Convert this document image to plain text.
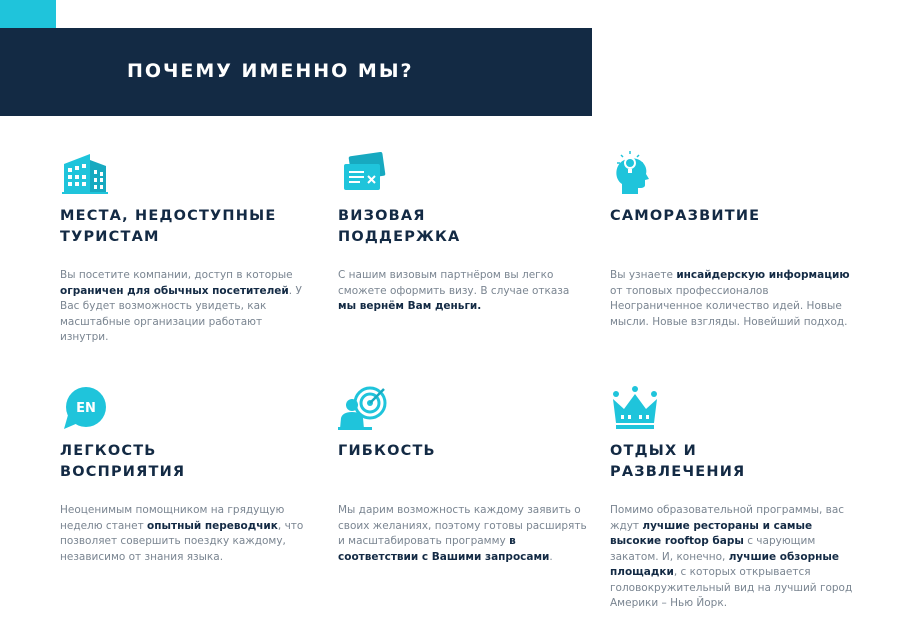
ПОЧЕМУ ИМЕННО МЫ?
МЕСТА, НЕДОСТУПНЫЕ
ТУРИСТАМ
Вы посетите компании, доступ в которые ограничен для обычных посетителей. У Вас будет возможность увидеть, как масштабные организации работают изнутри.
ВИЗОВАЯ
ПОДДЕРЖКА
С нашим визовым партнёром вы легко сможете оформить визу. В случае отказа мы вернём Вам деньги.
САМОРАЗВИТИЕ
Вы узнаете инсайдерскую информацию от топовых профессионалов Неограниченное количество идей. Новые мысли. Новые взгляды. Новейший подход.
EN
ЛЕГКОСТЬ
ВОСПРИЯТИЯ
Неоценимым помощником на грядущую неделю станет опытный переводчик, что позволяет совершить поездку каждому, независимо от знания языка.
ГИБКОСТЬ
Мы дарим возможность каждому заявить о своих желаниях, поэтому готовы расширять и масштабировать программу в соответствии с Вашими запросами.
ОТДЫХ И
РАЗВЛЕЧЕНИЯ
Помимо образовательной программы, вас ждут лучшие рестораны и самые высокие rooftop бары с чарующим закатом. И, конечно, лучшие обзорные площадки, с которых открывается головокружительный вид на лучший город Америки – Нью Йорк.
